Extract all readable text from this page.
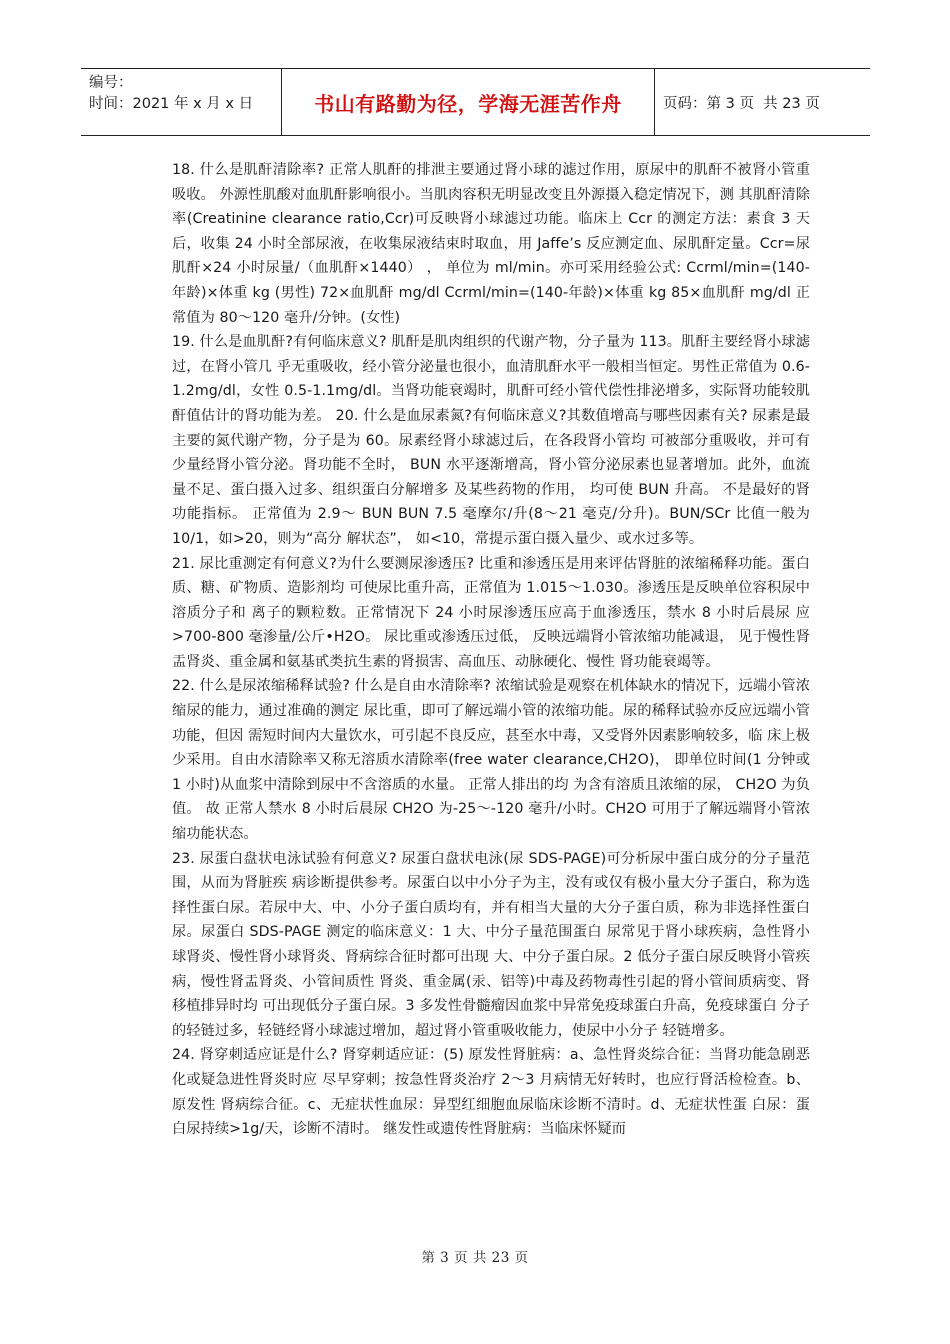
编号：
时间：2021 年 x 月 x 日	书山有路勤为径，学海无涯苦作舟	页码：第 3 页  共 23 页

18. 什么是肌酐清除率? 正常人肌酐的排泄主要通过肾小球的滤过作用，原尿中的肌酐不被肾小管重吸收。 外源性肌酸对血肌酐影响很小。当肌肉容积无明显改变且外源摄入稳定情况下，测 其肌酐清除率(Creatinine clearance ratio,Ccr)可反映肾小球滤过功能。临床上 Ccr 的测定方法：素食 3 天后，收集 24 小时全部尿液，在收集尿液结束时取血，用 Jaffe’s 反应测定血、尿肌酐定量。Ccr=尿肌酐×24 小时尿量/（血肌酐×1440） ， 单位为 ml/min。亦可采用经验公式: Ccrml/min=(140-年龄)×体重 kg (男性) 72×血肌酐 mg/dl Ccrml/min=(140-年龄)×体重 kg 85×血肌酐 mg/dl 正常值为 80～120 毫升/分钟。(女性)

19. 什么是血肌酐?有何临床意义? 肌酐是肌肉组织的代谢产物，分子量为 113。肌酐主要经肾小球滤过，在肾小管几 乎无重吸收，经小管分泌量也很小，血清肌酐水平一般相当恒定。男性正常值为 0.6-1.2mg/dl，女性 0.5-1.1mg/dl。当肾功能衰竭时，肌酐可经小管代偿性排泌增多，实际肾功能较肌酐值估计的肾功能为差。 20. 什么是血尿素氮?有何临床意义?其数值增高与哪些因素有关? 尿素是最主要的氮代谢产物，分子是为 60。尿素经肾小球滤过后，在各段肾小管均 可被部分重吸收，并可有少量经肾小管分泌。肾功能不全时， BUN 水平逐渐增高，肾小管分泌尿素也显著增加。此外，血流量不足、蛋白摄入过多、组织蛋白分解增多 及某些药物的作用， 均可使 BUN 升高。 不是最好的肾功能指标。 正常值为 2.9～ BUN BUN 7.5 毫摩尔/升(8～21 毫克/分升)。BUN/SCr 比值一般为 10/1，如>20，则为“高分 解状态”， 如<10，常提示蛋白摄入量少、或水过多等。

21. 尿比重测定有何意义?为什么要测尿渗透压? 比重和渗透压是用来评估肾脏的浓缩稀释功能。蛋白质、糖、矿物质、造影剂均 可使尿比重升高，正常值为 1.015～1.030。渗透压是反映单位容积尿中溶质分子和 离子的颗粒数。正常情况下 24 小时尿渗透压应高于血渗透压，禁水 8 小时后晨尿 应>700-800 毫渗量/公斤•H2O。 尿比重或渗透压过低， 反映远端肾小管浓缩功能减退， 见于慢性肾盂肾炎、重金属和氨基甙类抗生素的肾损害、高血压、动脉硬化、慢性 肾功能衰竭等。

22. 什么是尿浓缩稀释试验? 什么是自由水清除率? 浓缩试验是观察在机体缺水的情况下，远端小管浓缩尿的能力，通过准确的测定 尿比重，即可了解远端小管的浓缩功能。尿的稀释试验亦反应远端小管功能，但因 需短时间内大量饮水，可引起不良反应，甚至水中毒，又受肾外因素影响较多，临 床上极少采用。自由水清除率又称无溶质水清除率(free water clearance,CH2O)， 即单位时间(1 分钟或 1 小时)从血浆中清除到尿中不含溶质的水量。 正常人排出的均 为含有溶质且浓缩的尿， CH2O 为负值。 故 正常人禁水 8 小时后晨尿 CH2O 为-25～-120 毫升/小时。CH2O 可用于了解远端肾小管浓缩功能状态。

23. 尿蛋白盘状电泳试验有何意义? 尿蛋白盘状电泳(尿 SDS-PAGE)可分析尿中蛋白成分的分子量范围，从而为肾脏疾 病诊断提供参考。尿蛋白以中小分子为主，没有或仅有极小量大分子蛋白，称为选择性蛋白尿。若尿中大、中、小分子蛋白质均有，并有相当大量的大分子蛋白质，称为非选择性蛋白尿。尿蛋白 SDS-PAGE 测定的临床意义：1 大、中分子量范围蛋白 尿常见于肾小球疾病，急性肾小球肾炎、慢性肾小球肾炎、肾病综合征时都可出现 大、中分子蛋白尿。2 低分子蛋白尿反映肾小管疾病，慢性肾盂肾炎、小管间质性 肾炎、重金属(汞、铝等)中毒及药物毒性引起的肾小管间质病变、肾移植排异时均 可出现低分子蛋白尿。3 多发性骨髓瘤因血浆中异常免疫球蛋白升高，免疫球蛋白 分子的轻链过多，轻链经肾小球滤过增加，超过肾小管重吸收能力，使尿中小分子 轻链增多。

24. 肾穿刺适应证是什么? 肾穿刺适应证：(5) 原发性肾脏病：a、急性肾炎综合征：当肾功能急剧恶化或疑急进性肾炎时应 尽早穿刺；按急性肾炎治疗 2～3 月病情无好转时，也应行肾活检检查。b、原发性 肾病综合征。c、无症状性血尿：异型红细胞血尿临床诊断不清时。d、无症状性蛋 白尿：蛋白尿持续>1g/天，诊断不清时。 继发性或遗传性肾脏病：当临床怀疑而

第 3 页 共 23 页
